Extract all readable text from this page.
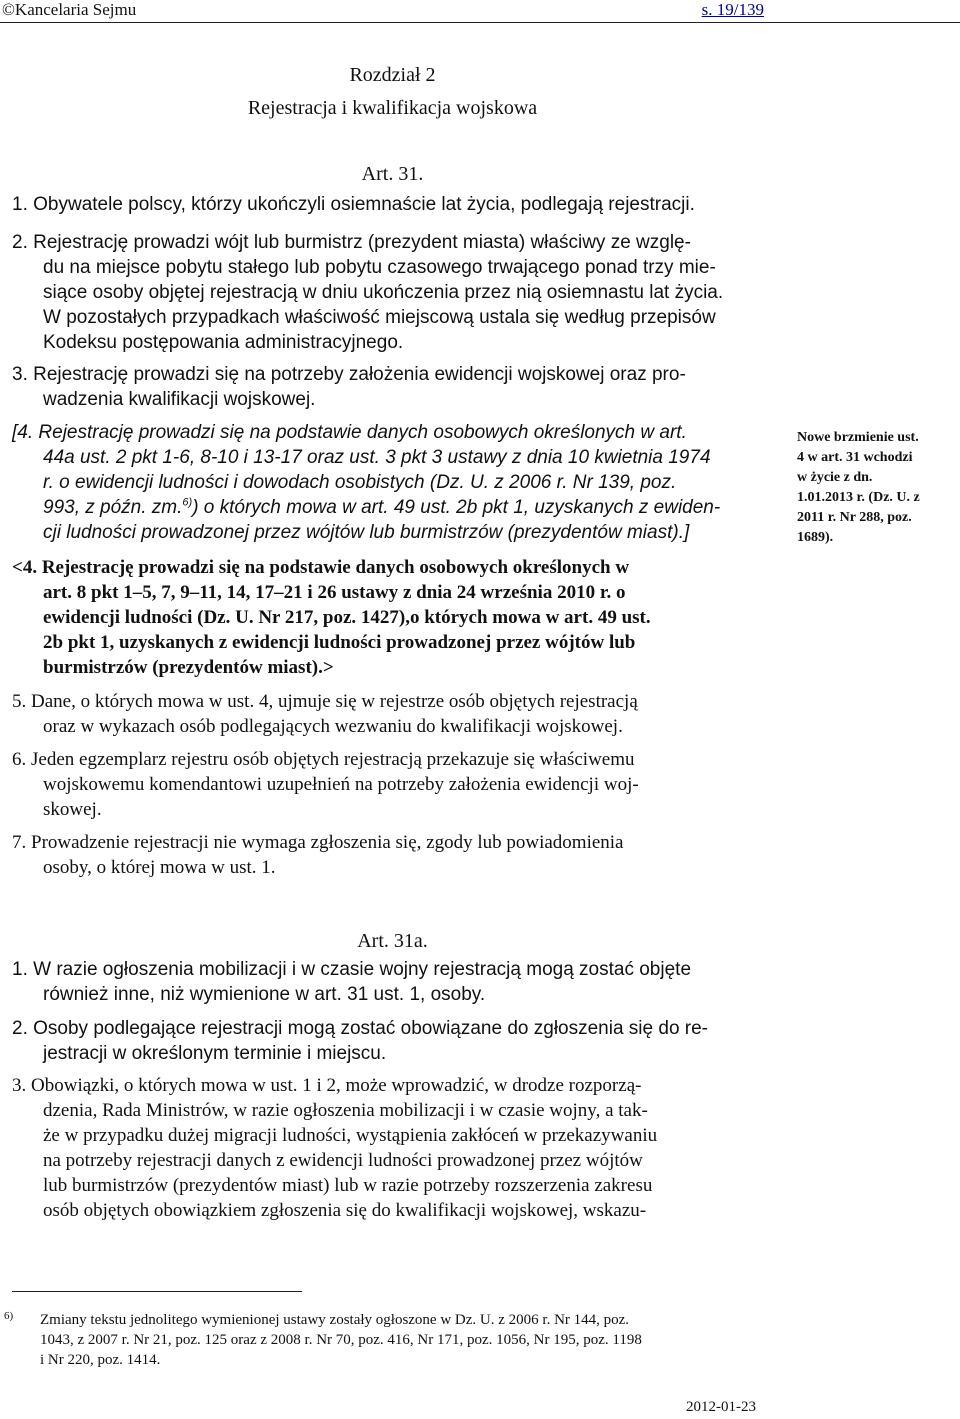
©Kancelaria Sejmu	s. 19/139
Rozdział 2
Rejestracja i kwalifikacja wojskowa
Art. 31.
1. Obywatele polscy, którzy ukończyli osiemnaście lat życia, podlegają rejestracji.
2. Rejestrację prowadzi wójt lub burmistrz (prezydent miasta) właściwy ze wzglę-
du na miejsce pobytu stałego lub pobytu czasowego trwającego ponad trzy mie-
siące osoby objętej rejestracją w dniu ukończenia przez nią osiemnastu lat życia.
W pozostałych przypadkach właściwość miejscową ustala się według przepisów
Kodeksu postępowania administracyjnego.
3. Rejestrację prowadzi się na potrzeby założenia ewidencji wojskowej oraz pro-
wadzenia kwalifikacji wojskowej.
[4. Rejestrację prowadzi się na podstawie danych osobowych określonych w art.
44a ust. 2 pkt 1-6, 8-10 i 13-17 oraz ust. 3 pkt 3 ustawy z dnia 10 kwietnia 1974
r. o ewidencji ludności i dowodach osobistych (Dz. U. z 2006 r. Nr 139, poz.
993, z późn. zm.$^{6)}$) o których mowa w art. 49 ust. 2b pkt 1, uzyskanych z ewiden-
cji ludności prowadzonej przez wójtów lub burmistrzów (prezydentów miast).]
<4. Rejestrację prowadzi się na podstawie danych osobowych określonych w
art. 8 pkt 1–5, 7, 9–11, 14, 17–21 i 26 ustawy z dnia 24 września 2010 r. o
ewidencji ludności (Dz. U. Nr 217, poz. 1427),o których mowa w art. 49 ust.
2b pkt 1, uzyskanych z ewidencji ludności prowadzonej przez wójtów lub
burmistrzów (prezydentów miast).>
5. Dane, o których mowa w ust. 4, ujmuje się w rejestrze osób objętych rejestracją
oraz w wykazach osób podlegających wezwaniu do kwalifikacji wojskowej.
6. Jeden egzemplarz rejestru osób objętych rejestracją przekazuje się właściwemu
wojskowemu komendantowi uzupełnień na potrzeby założenia ewidencji woj-
skowej.
7. Prowadzenie rejestracji nie wymaga zgłoszenia się, zgody lub powiadomienia
osoby, o której mowa w ust. 1.
Nowe brzmienie ust.
4 w art. 31 wchodzi
w życie z dn.
1.01.2013 r. (Dz. U. z
2011 r. Nr 288, poz.
1689).
Art. 31a.
1. W razie ogłoszenia mobilizacji i w czasie wojny rejestracją mogą zostać objęte
również inne, niż wymienione w art. 31 ust. 1, osoby.
2. Osoby podlegające rejestracji mogą zostać obowiązane do zgłoszenia się do re-
jestracji w określonym terminie i miejscu.
3. Obowiązki, o których mowa w ust. 1 i 2, może wprowadzić, w drodze rozporzą-
dzenia, Rada Ministrów, w razie ogłoszenia mobilizacji i w czasie wojny, a tak-
że w przypadku dużej migracji ludności, wystąpienia zakłóceń w przekazywaniu
na potrzeby rejestracji danych z ewidencji ludności prowadzonej przez wójtów
lub burmistrzów (prezydentów miast) lub w razie potrzeby rozszerzenia zakresu
osób objętych obowiązkiem zgłoszenia się do kwalifikacji wojskowej, wskazu-
6) Zmiany tekstu jednolitego wymienionej ustawy zostały ogłoszone w Dz. U. z 2006 r. Nr 144, poz.
1043, z 2007 r. Nr 21, poz. 125 oraz z 2008 r. Nr 70, poz. 416, Nr 171, poz. 1056, Nr 195, poz. 1198
i Nr 220, poz. 1414.
2012-01-23
